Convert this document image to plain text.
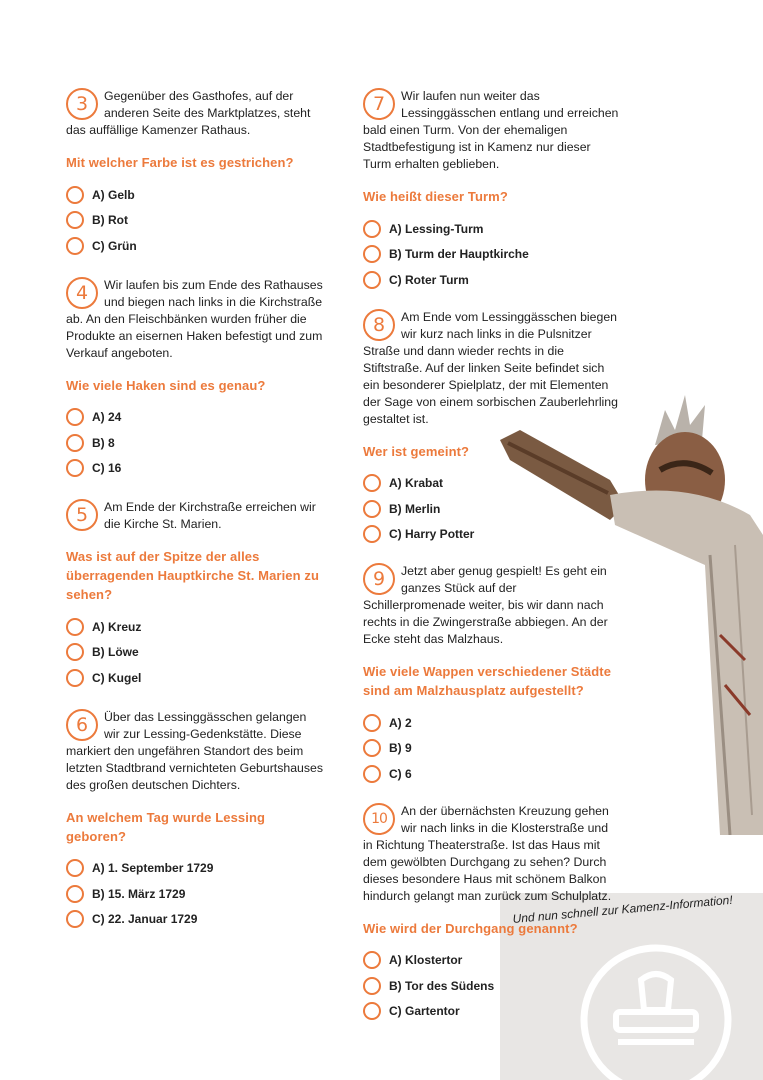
Und nun schnell zur Kamenz-Information!
3	Gegenüber des Gasthofes, auf der anderen Seite des Marktplatzes, steht das auffällige Kamenzer Rathaus.

Mit welcher Farbe ist es gestrichen?
A) Gelb
B) Rot
C) Grün
4	Wir laufen bis zum Ende des Rathauses und biegen nach links in die Kirchstraße ab. An den Fleischbänken wurden früher die Produkte an eisernen Haken befestigt und zum Verkauf angeboten.

Wie viele Haken sind es genau?
A) 24
B) 8
C) 16
5	Am Ende der Kirchstraße erreichen wir die Kirche St. Marien.

Was ist auf der Spitze der alles überragenden Hauptkirche St. Marien zu sehen?
A) Kreuz
B) Löwe
C) Kugel
6	Über das Lessinggässchen gelangen wir zur Lessing-Gedenkstätte. Diese markiert den ungefähren Standort des beim letzten Stadtbrand vernichteten Geburtshauses des großen deutschen Dichters.

An welchem Tag wurde Lessing geboren?
A) 1. September 1729
B) 15. März 1729
C) 22. Januar 1729
7	Wir laufen nun weiter das Lessinggässchen entlang und erreichen bald einen Turm. Von der ehemaligen Stadtbefestigung ist in Kamenz nur dieser Turm erhalten geblieben.

Wie heißt dieser Turm?
A) Lessing-Turm
B) Turm der Hauptkirche
C) Roter Turm
8	Am Ende vom Lessinggässchen biegen wir kurz nach links in die Pulsnitzer Straße und dann wieder rechts in die Stiftstraße. Auf der linken Seite befindet sich ein besonderer Spielplatz, der mit Elementen der Sage von einem sorbischen Zauberlehrling gestaltet ist.

Wer ist gemeint?
A) Krabat
B) Merlin
C) Harry Potter
9	Jetzt aber genug gespielt! Es geht ein ganzes Stück auf der Schillerpromenade weiter, bis wir dann nach rechts in die Zwingerstraße abbiegen. An der Ecke steht das Malzhaus.

Wie viele Wappen verschiedener Städte sind am Malzhausplatz aufgestellt?
A) 2
B) 9
C) 6
10	An der übernächsten Kreuzung gehen wir nach links in die Klosterstraße und in Richtung Theaterstraße. Ist das Haus mit dem gewölbten Durchgang zu sehen? Durch dieses besondere Haus mit schönem Balkon hindurch gelangt man zurück zum Schulplatz.

Wie wird der Durchgang genannt?
A) Klostertor
B) Tor des Südens
C) Gartentor
